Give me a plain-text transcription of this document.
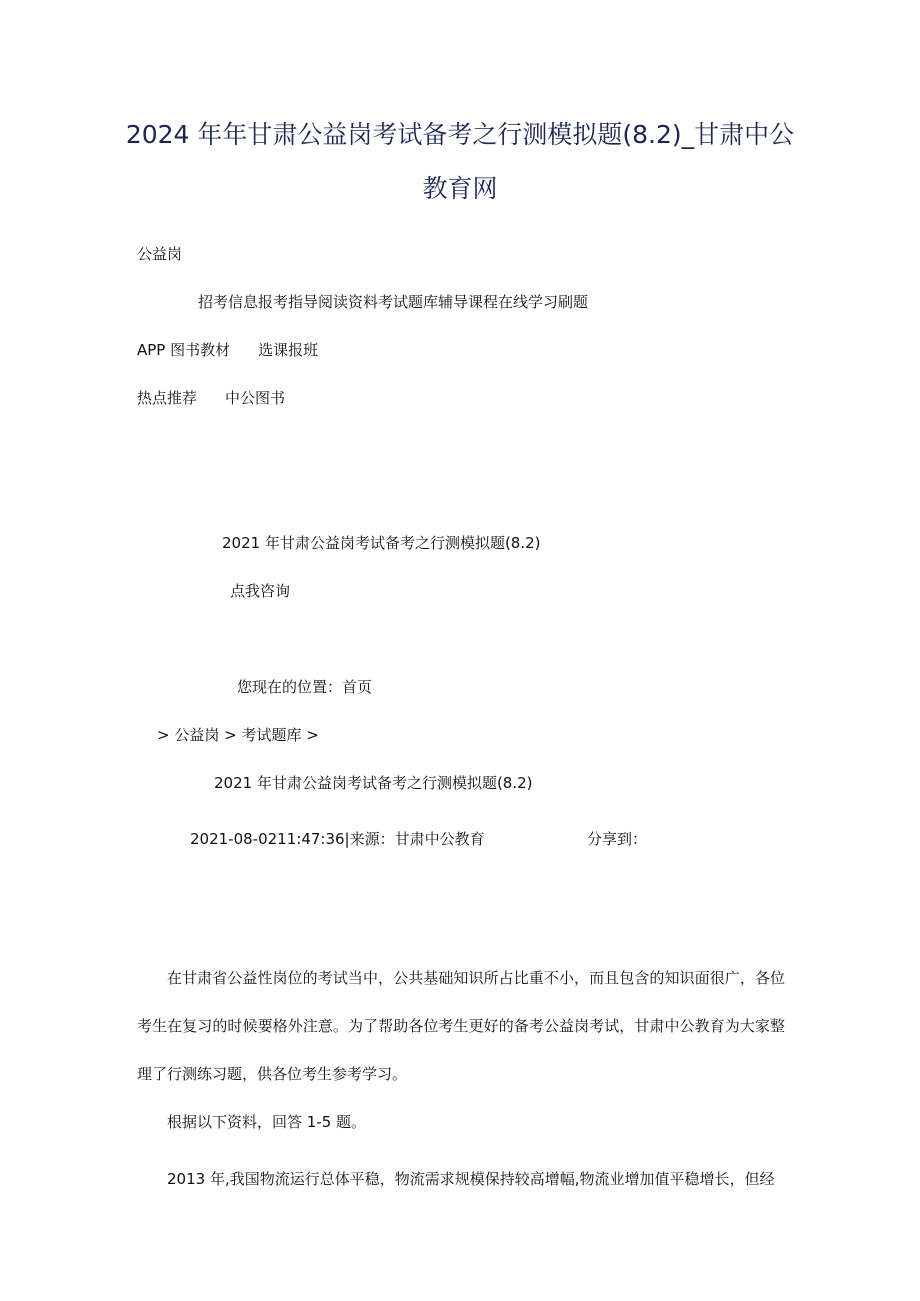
2024 年年甘肃公益岗考试备考之行测模拟题(8.2)_甘肃中公教育网
公益岗
招考信息报考指导阅读资料考试题库辅导课程在线学习刷题
APP 图书教材 选课报班
热点推荐 中公图书
2021 年甘肃公益岗考试备考之行测模拟题(8.2)
点我咨询
您现在的位置：首页
> 公益岗 > 考试题库 >
2021 年甘肃公益岗考试备考之行测模拟题(8.2)
2021-08-0211:47:36|来源：甘肃中公教育	分享到：

在甘肃省公益性岗位的考试当中，公共基础知识所占比重不小，而且包含的知识面很广，各位考生在复习的时候要格外注意。为了帮助各位考生更好的备考公益岗考试，甘肃中公教育为大家整理了行测练习题，供各位考生参考学习。

根据以下资料，回答 1-5 题。

2013 年,我国物流运行总体平稳，物流需求规模保持较高增幅,物流业增加值平稳增长，但经
